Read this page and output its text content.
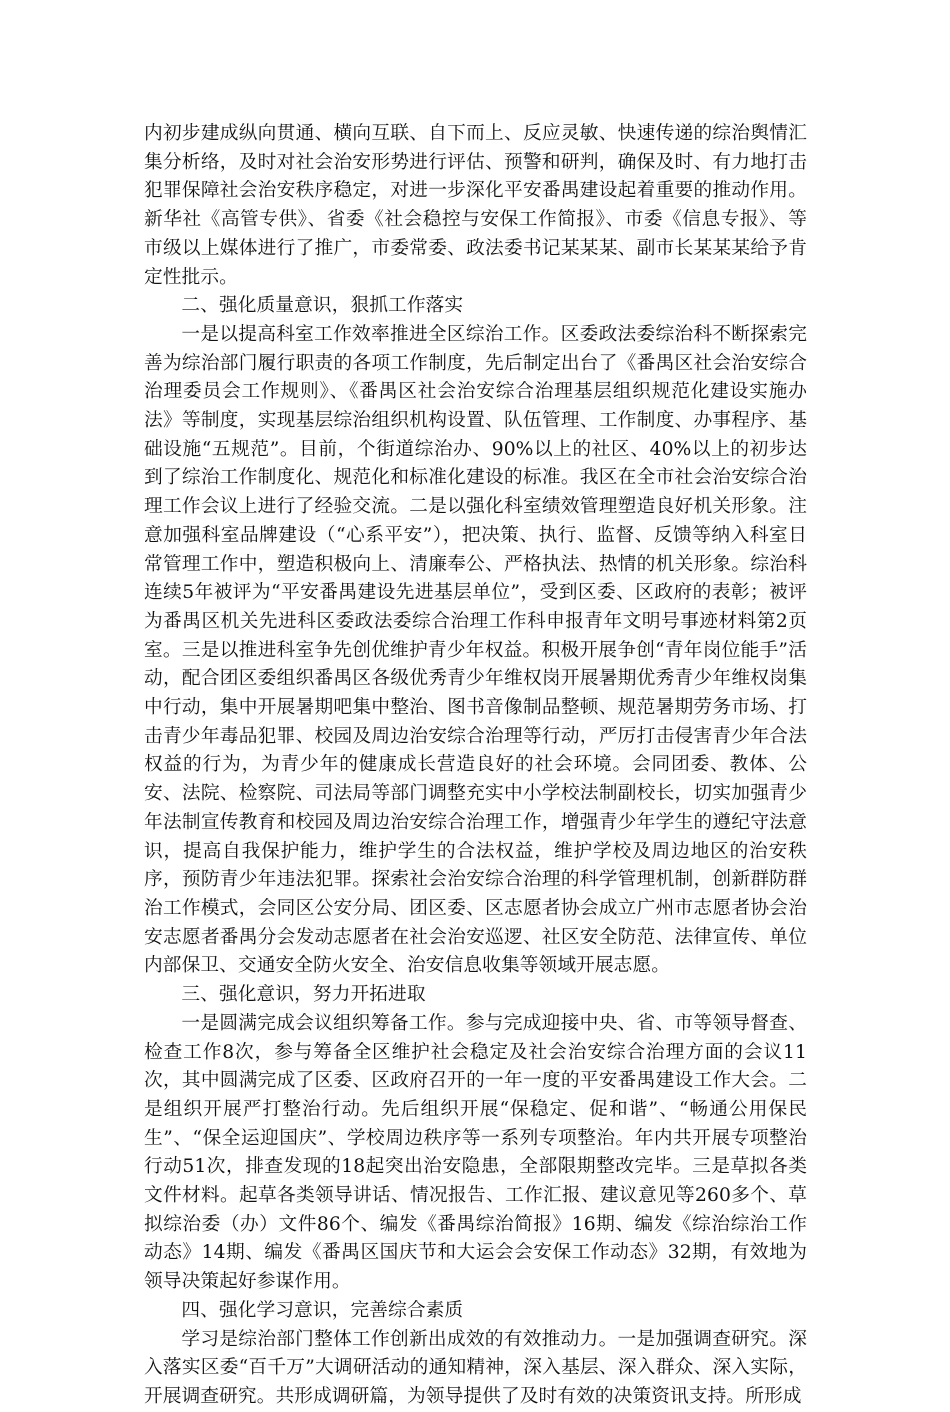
内初步建成纵向贯通、横向互联、自下而上、反应灵敏、快速传递的综治舆情汇集分析络，及时对社会治安形势进行评估、预警和研判，确保及时、有力地打击犯罪保障社会治安秩序稳定，对进一步深化平安番禺建设起着重要的推动作用。新华社《高管专供》、省委《社会稳控与安保工作简报》、市委《信息专报》、等市级以上媒体进行了推广，市委常委、政法委书记某某某、副市长某某某给予肯定性批示。

二、强化质量意识，狠抓工作落实

一是以提高科室工作效率推进全区综治工作。区委政法委综治科不断探索完善为综治部门履行职责的各项工作制度，先后制定出台了《番禺区社会治安综合治理委员会工作规则》、《番禺区社会治安综合治理基层组织规范化建设实施办法》等制度，实现基层综治组织机构设置、队伍管理、工作制度、办事程序、基础设施“五规范”。目前，个街道综治办、90%以上的社区、40%以上的初步达到了综治工作制度化、规范化和标准化建设的标准。我区在全市社会治安综合治理工作会议上进行了经验交流。二是以强化科室绩效管理塑造良好机关形象。注意加强科室品牌建设（“心系平安”），把决策、执行、监督、反馈等纳入科室日常管理工作中，塑造积极向上、清廉奉公、严格执法、热情的机关形象。综治科连续5年被评为“平安番禺建设先进基层单位”，受到区委、区政府的表彰；被评为番禺区机关先进科区委政法委综合治理工作科申报青年文明号事迹材料第2页室。三是以推进科室争先创优维护青少年权益。积极开展争创“青年岗位能手”活动，配合团区委组织番禺区各级优秀青少年维权岗开展暑期优秀青少年维权岗集中行动，集中开展暑期吧集中整治、图书音像制品整顿、规范暑期劳务市场、打击青少年毒品犯罪、校园及周边治安综合治理等行动，严厉打击侵害青少年合法权益的行为，为青少年的健康成长营造良好的社会环境。会同团委、教体、公安、法院、检察院、司法局等部门调整充实中小学校法制副校长，切实加强青少年法制宣传教育和校园及周边治安综合治理工作，增强青少年学生的遵纪守法意识，提高自我保护能力，维护学生的合法权益，维护学校及周边地区的治安秩序，预防青少年违法犯罪。探索社会治安综合治理的科学管理机制，创新群防群治工作模式，会同区公安分局、团区委、区志愿者协会成立广州市志愿者协会治安志愿者番禺分会发动志愿者在社会治安巡逻、社区安全防范、法律宣传、单位内部保卫、交通安全防火安全、治安信息收集等领域开展志愿。

三、强化意识，努力开拓进取

一是圆满完成会议组织筹备工作。参与完成迎接中央、省、市等领导督查、检查工作8次，参与筹备全区维护社会稳定及社会治安综合治理方面的会议11次，其中圆满完成了区委、区政府召开的一年一度的平安番禺建设工作大会。二是组织开展严打整治行动。先后组织开展“保稳定、促和谐”、“畅通公用保民生”、“保全运迎国庆”、学校周边秩序等一系列专项整治。年内共开展专项整治行动51次，排查发现的18起突出治安隐患，全部限期整改完毕。三是草拟各类文件材料。起草各类领导讲话、情况报告、工作汇报、建议意见等260多个、草拟综治委（办）文件86个、编发《番禺综治简报》16期、编发《综治综治工作动态》14期、编发《番禺区国庆节和大运会会安保工作动态》32期，有效地为领导决策起好参谋作用。

四、强化学习意识，完善综合素质

学习是综治部门整体工作创新出成效的有效推动力。一是加强调查研究。深入落实区委“百千万”大调研活动的通知精神，深入基层、深入群众、深入实际，开展调查研究。共形成调研篇，为领导提供了及时有效的决策资讯支持。所形成
